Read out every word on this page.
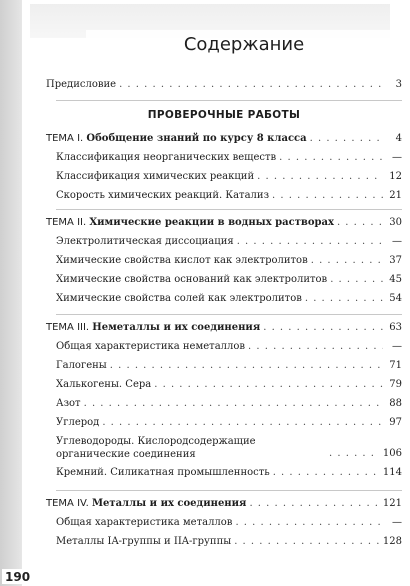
190
Содержание
Предисловие . . .	3
ПРОВЕРОЧНЫЕ РАБОТЫ
ТЕМА I. Обобщение знаний по курсу 8 класса . . .	4
Классификация неорганических веществ . . .	—
Классификация химических реакций . . .	12
Скорость химических реакций. Катализ . . .	21
ТЕМА II. Химические реакции в водных растворах . . .	30
Электролитическая диссоциация . . .	—
Химические свойства кислот как электролитов . . .	37
Химические свойства оснований как электролитов . . .	45
Химические свойства солей как электролитов . . .	54
ТЕМА III. Неметаллы и их соединения . . .	63
Общая характеристика неметаллов . . .	—
Галогены . . .	71
Халькогены. Сера . . .	79
Азот . . .	88
Углерод . . .	97
Углеводороды. Кислородсодержащие органические соединения . . .	106
Кремний. Силикатная промышленность . . .	114
ТЕМА IV. Металлы и их соединения . . .	121
Общая характеристика металлов . . .	—
Металлы IA-группы и IIA-группы . . .	128
